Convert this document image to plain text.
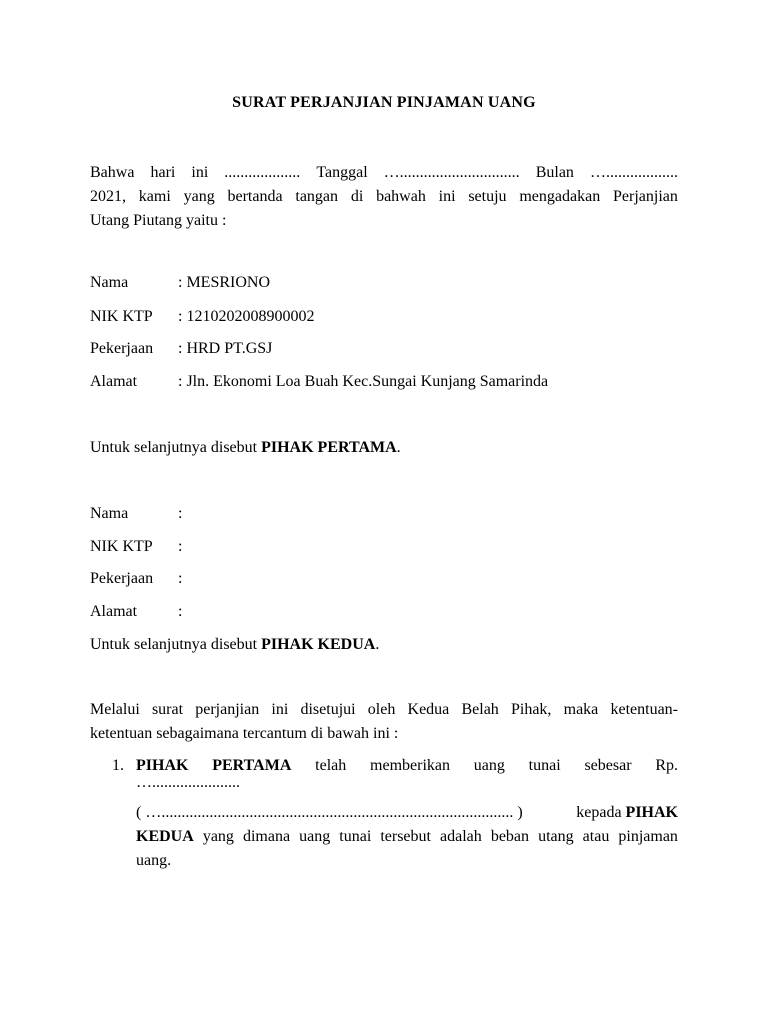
SURAT PERJANJIAN PINJAMAN UANG
Bahwa hari ini ................... Tanggal ….............................. Bulan …..................
2021, kami yang bertanda tangan di bahwah ini setuju mengadakan Perjanjian
Utang Piutang yaitu :
Nama	: MESRIONO
NIK KTP : 1210202008900002
Pekerjaan : HRD PT.GSJ
Alamat	: Jln. Ekonomi Loa Buah Kec.Sungai Kunjang Samarinda
Untuk selanjutnya disebut PIHAK PERTAMA.
Nama	:
NIK KTP :
Pekerjaan :
Alamat	:
Untuk selanjutnya disebut PIHAK KEDUA.
Melalui surat perjanjian ini disetujui oleh Kedua Belah Pihak, maka ketentuan-
ketentuan sebagaimana tercantum di bawah ini :
1. PIHAK PERTAMA telah memberikan uang tunai sebesar Rp.
…......................
( …........................................................................................ )	kepada PIHAK
KEDUA yang dimana uang tunai tersebut adalah beban utang atau pinjaman
uang.
